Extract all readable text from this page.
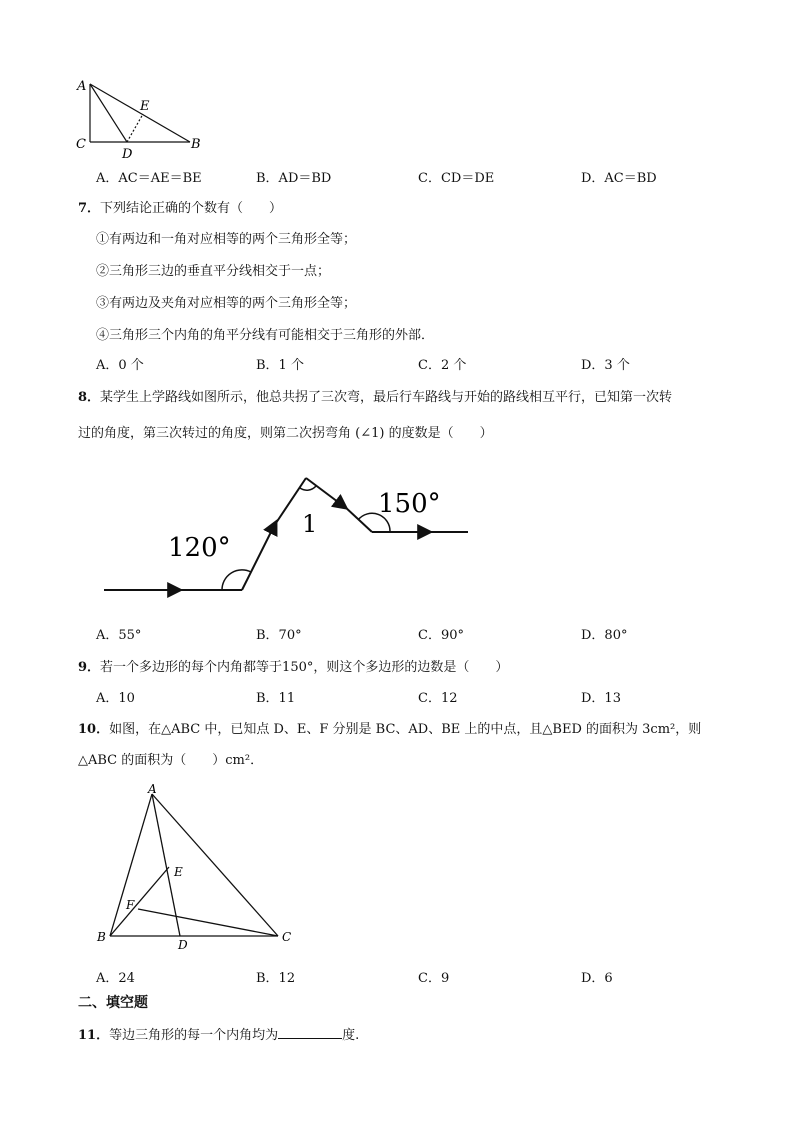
A
E
C
D
B
A．AC＝AE＝BE	B．AD＝BD	C．CD＝DE	D．AC＝BD
7．下列结论正确的个数有（　　）
①有两边和一角对应相等的两个三角形全等；
②三角形三边的垂直平分线相交于一点；
③有两边及夹角对应相等的两个三角形全等；
④三角形三个内角的角平分线有可能相交于三角形的外部．
A．0 个	B．1 个	C．2 个	D．3 个
8．某学生上学路线如图所示，他总共拐了三次弯，最后行车路线与开始的路线相互平行，已知第一次转
过的角度，第三次转过的角度，则第二次拐弯角 (∠1) 的度数是（　　）
120°
1
150°
A．55°	B．70°	C．90°	D．80°
9．若一个多边形的每个内角都等于150°，则这个多边形的边数是（　　）
A．10	B．11	C．12	D．13
10．如图，在△ABC 中，已知点 D、E、F 分别是 BC、AD、BE 上的中点，且△BED 的面积为 3cm²，则
△ABC 的面积为（　　）cm²．
A
E
F
B
D
C
A．24	B．12	C．9	D．6
二、填空题
11．等边三角形的每一个内角均为	度.
